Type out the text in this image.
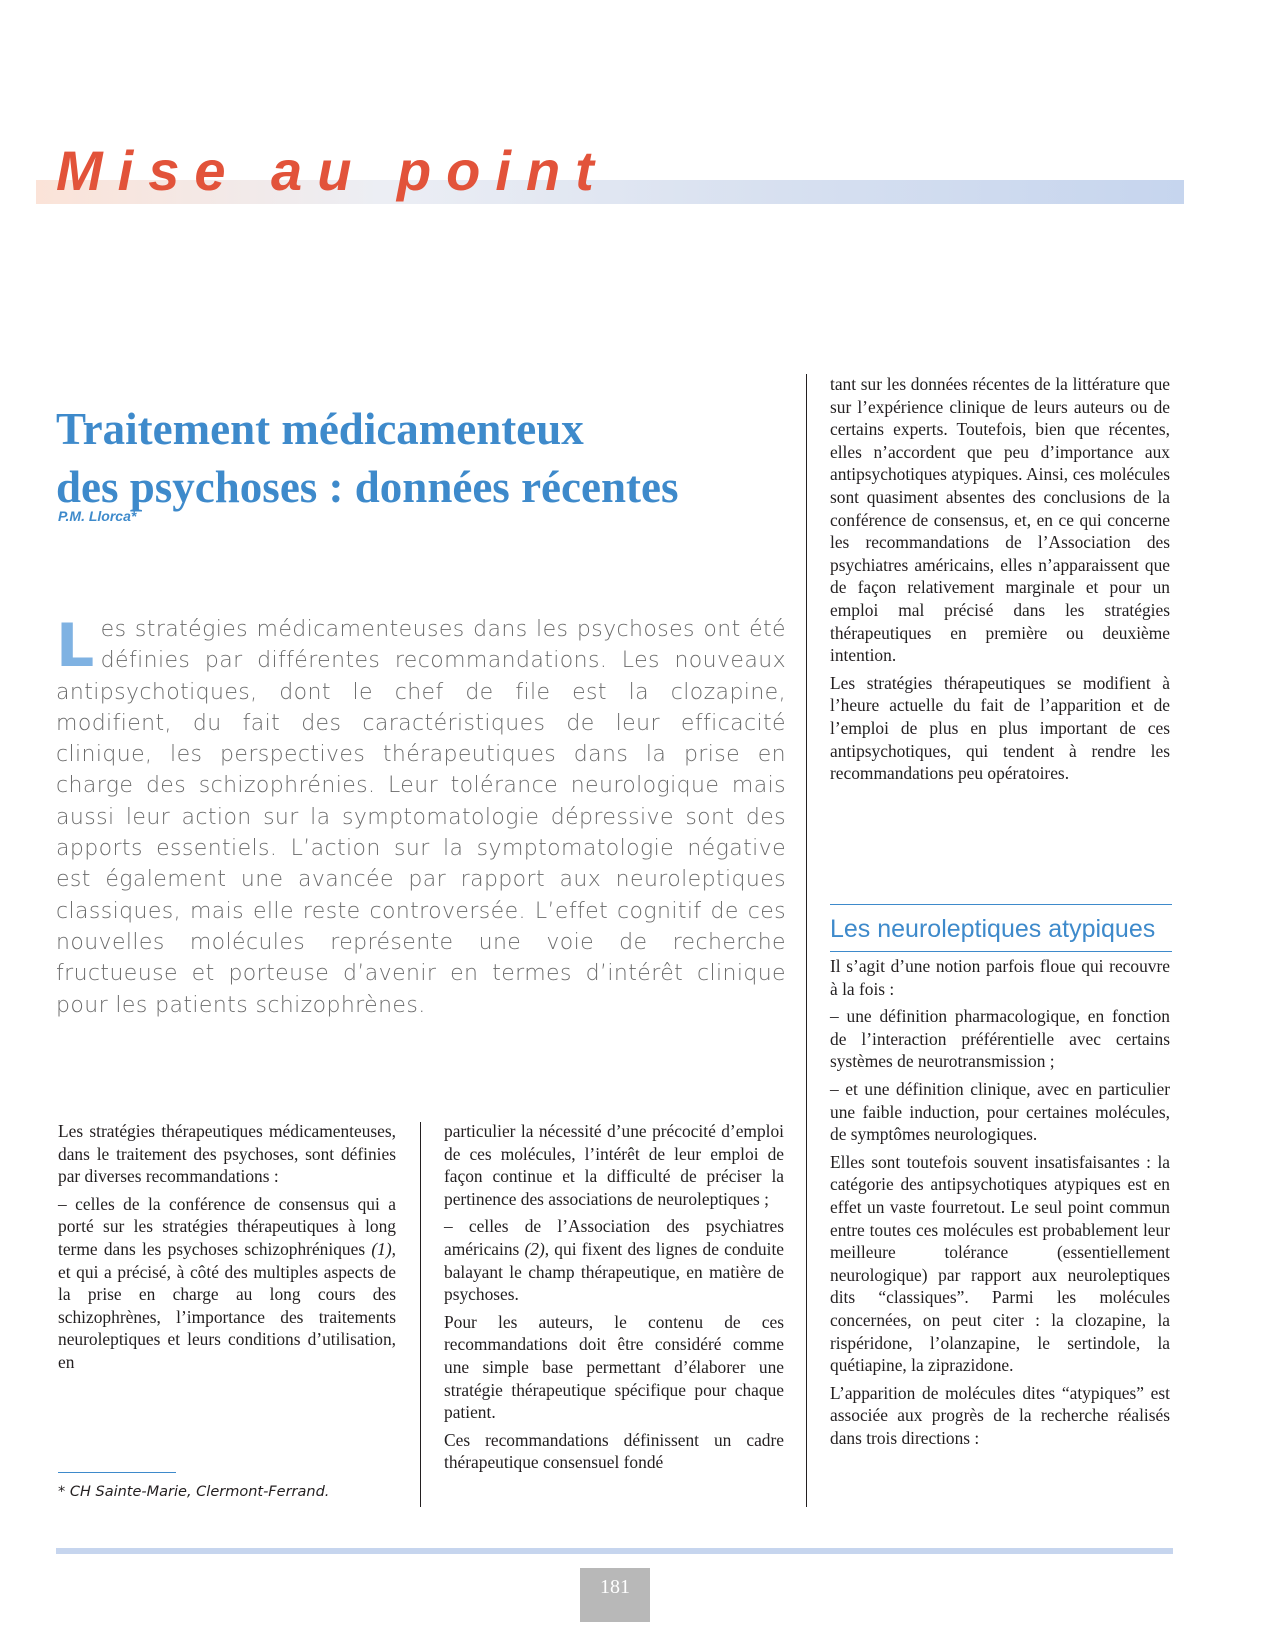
Mise au point
Traitement médicamenteux
des psychoses : données récentes
P.M. Llorca*
Les stratégies médicamenteuses dans les psychoses ont été définies par différentes recommandations. Les nouveaux antipsychotiques, dont le chef de file est la clozapine, modifient, du fait des caractéristiques de leur efficacité clinique, les perspectives thérapeutiques dans la prise en charge des schizophrénies. Leur tolérance neurologique mais aussi leur action sur la symptomatologie dépressive sont des apports essentiels. L’action sur la symptomatologie négative est également une avancée par rapport aux neuroleptiques classiques, mais elle reste controversée. L’effet cognitif de ces nouvelles molécules représente une voie de recherche fructueuse et porteuse d’avenir en termes d’intérêt clinique pour les patients schizophrènes.

Les stratégies thérapeutiques médicamenteuses, dans le traitement des psychoses, sont définies par diverses recommandations :

– celles de la conférence de consensus qui a porté sur les stratégies thérapeutiques à long terme dans les psychoses schizophréniques (1), et qui a précisé, à côté des multiples aspects de la prise en charge au long cours des schizophrènes, l’importance des traitements neuroleptiques et leurs conditions d’utilisation, en

particulier la nécessité d’une précocité d’emploi de ces molécules, l’intérêt de leur emploi de façon continue et la difficulté de préciser la pertinence des associations de neuroleptiques ;

– celles de l’Association des psychiatres américains (2), qui fixent des lignes de conduite balayant le champ thérapeutique, en matière de psychoses.

Pour les auteurs, le contenu de ces recommandations doit être considéré comme une simple base permettant d’élaborer une stratégie thérapeutique spécifique pour chaque patient.

Ces recommandations définissent un cadre thérapeutique consensuel fondé

tant sur les données récentes de la littérature que sur l’expérience clinique de leurs auteurs ou de certains experts. Toutefois, bien que récentes, elles n’accordent que peu d’importance aux antipsychotiques atypiques. Ainsi, ces molécules sont quasiment absentes des conclusions de la conférence de consensus, et, en ce qui concerne les recommandations de l’Association des psychiatres américains, elles n’apparaissent que de façon relativement marginale et pour un emploi mal précisé dans les stratégies thérapeutiques en première ou deuxième intention.

Les stratégies thérapeutiques se modifient à l’heure actuelle du fait de l’apparition et de l’emploi de plus en plus important de ces antipsychotiques, qui tendent à rendre les recommandations peu opératoires.

Les neuroleptiques atypiques

Il s’agit d’une notion parfois floue qui recouvre à la fois :

– une définition pharmacologique, en fonction de l’interaction préférentielle avec certains systèmes de neurotransmission ;

– et une définition clinique, avec en particulier une faible induction, pour certaines molécules, de symptômes neurologiques.

Elles sont toutefois souvent insatisfaisantes : la catégorie des antipsychotiques atypiques est en effet un vaste fourretout. Le seul point commun entre toutes ces molécules est probablement leur meilleure tolérance (essentiellement neurologique) par rapport aux neuroleptiques dits “classiques”. Parmi les molécules concernées, on peut citer : la clozapine, la rispéridone, l’olanzapine, le sertindole, la quétiapine, la ziprazidone.

L’apparition de molécules dites “atypiques” est associée aux progrès de la recherche réalisés dans trois directions :

* CH Sainte-Marie, Clermont-Ferrand.
181
